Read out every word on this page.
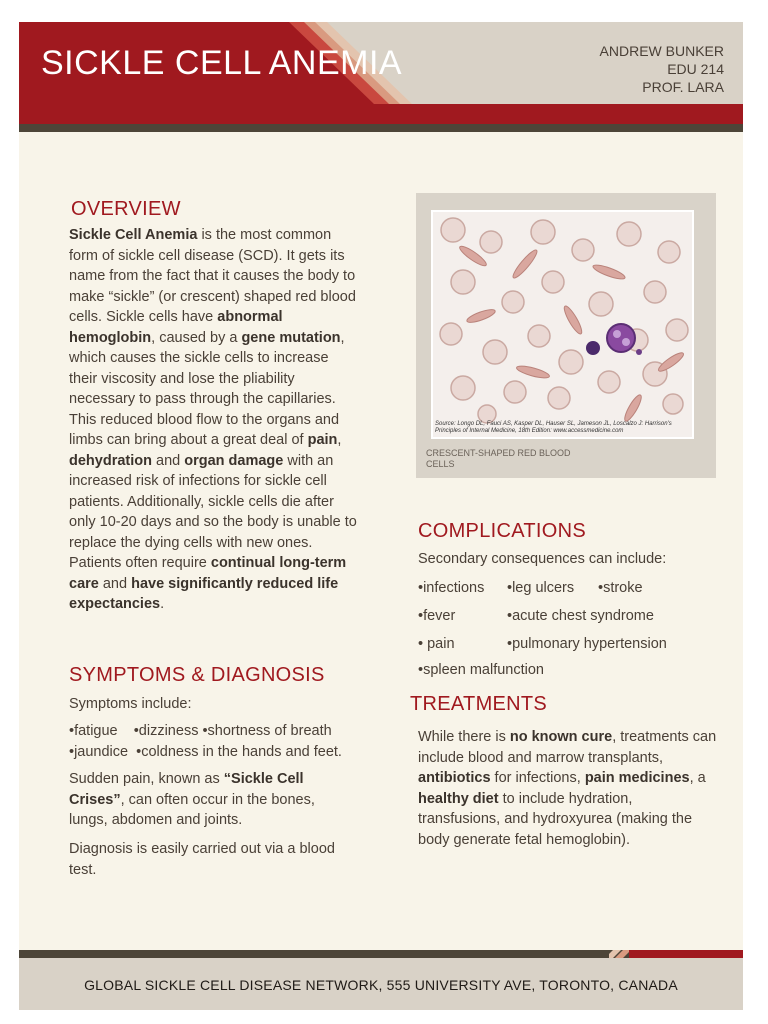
SICKLE CELL ANEMIA	ANDREW BUNKER
EDU 214
PROF. LARA
OVERVIEW

Sickle Cell Anemia is the most common form of sickle cell disease (SCD). It gets its name from the fact that it causes the body to make “sickle” (or crescent) shaped red blood cells. Sickle cells have abnormal hemoglobin, caused by a gene mutation, which causes the sickle cells to increase their viscosity and lose the pliability necessary to pass through the capillaries. This reduced blood flow to the organs and limbs can bring about a great deal of pain, dehydration and organ damage with an increased risk of infections for sickle cell patients. Additionally, sickle cells die after only 10-20 days and so the body is unable to replace the dying cells with new ones. Patients often require continual long-term care and have significantly reduced life expectancies.

Source: Longo DL, Fauci AS, Kasper DL, Hauser SL, Jameson JL, Loscalzo J: Harrison's Principles of Internal Medicine, 18th Edition: www.accessmedicine.com
CRESCENT-SHAPED RED BLOOD CELLS
COMPLICATIONS
Secondary consequences can include:
•infections •leg ulcers •stroke
•fever	•acute chest syndrome
• pain	•pulmonary hypertension
•spleen malfunction
TREATMENTS

While there is no known cure, treatments can include blood and marrow transplants, antibiotics for infections, pain medicines, a healthy diet to include hydration, transfusions, and hydroxyurea (making the body generate fetal hemoglobin).

SYMPTOMS & DIAGNOSIS
Symptoms include:
•fatigue    •dizziness •shortness of breath
•jaundice  •coldness in the hands and feet.

Sudden pain, known as “Sickle Cell Crises”, can often occur in the bones, lungs, abdomen and joints.

Diagnosis is easily carried out via a blood test.
GLOBAL SICKLE CELL DISEASE NETWORK, 555 UNIVERSITY AVE, TORONTO, CANADA
